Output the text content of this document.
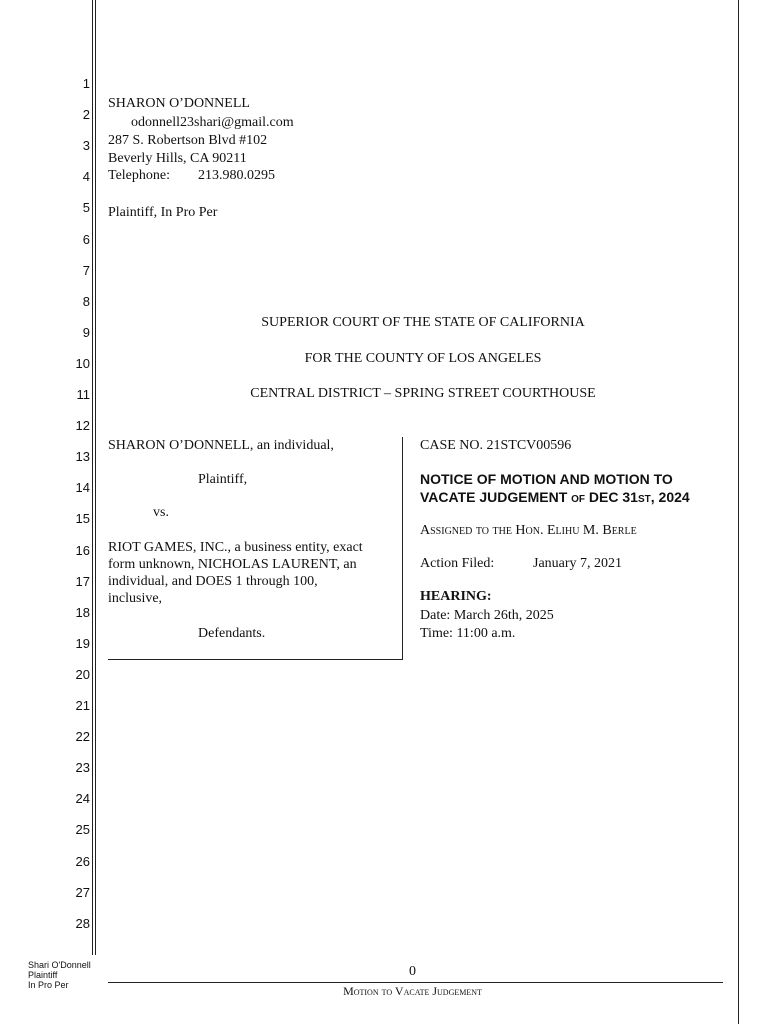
1
2
3
4
5
6
7
8
9
10
11
12
13
14
15
16
17
18
19
20
21
22
23
24
25
26
27
28
SHARON O’DONNELL
odonnell23shari@gmail.com
287 S. Robertson Blvd #102
Beverly Hills, CA 90211
Telephone: 213.980.0295
Plaintiff, In Pro Per
SUPERIOR COURT OF THE STATE OF CALIFORNIA
FOR THE COUNTY OF LOS ANGELES
CENTRAL DISTRICT – SPRING STREET COURTHOUSE
SHARON O’DONNELL, an individual,
Plaintiff,
vs.
RIOT GAMES, INC., a business entity, exact
form unknown, NICHOLAS LAURENT, an
individual, and DOES 1 through 100,
inclusive,
Defendants.
CASE NO. 21STCV00596
NOTICE OF MOTION AND MOTION TO
VACATE JUDGEMENT of DEC 31st, 2024
Assigned to the Hon. Elihu M. Berle
Action Filed:	January 7, 2021
HEARING:
Date: March 26th, 2025
Time: 11:00 a.m.
0
Motion to Vacate Judgement
Shari O'Donnell
Plaintiff
In Pro Per
